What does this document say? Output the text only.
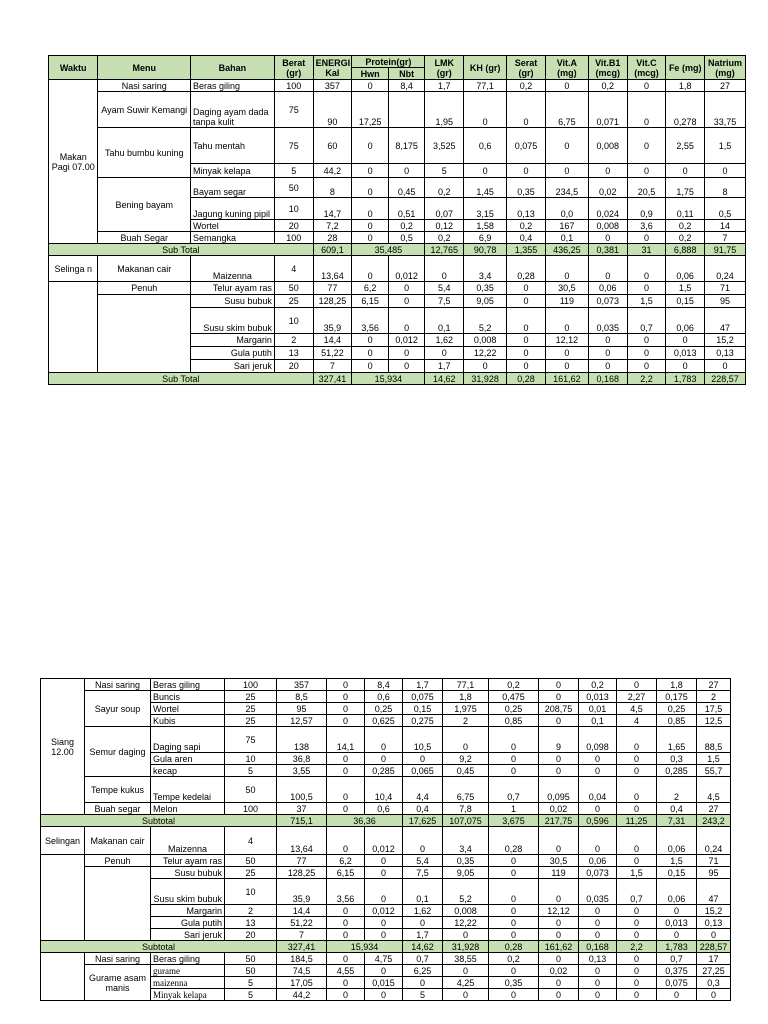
Waktu	Menu	Bahan	Berat (gr)	ENERGI Kal	Protein(gr)		LMK (gr)	KH (gr)	Serat (gr)	Vit.A (mg)	Vit.B1 (mcg)	Vit.C (mcg)	Fe (mg)	Natrium (mg)
					Hwn	Nbt								
Makan Pagi 07.00	Nasi saring	Beras giling	100	357	0	8,4	1,7	77,1	0,2	0	0,2	0	1,8	27
	Ayam Suwir Kemangi	Daging ayam dada tanpa kulit	75	90	17,25		1,95	0	0	6,75	0,071	0	0,278	33,75
	Tahu bumbu kuning	Tahu mentah	75	60	0	8,175	3,525	0,6	0,075	0	0,008	0	2,55	1,5
		Minyak kelapa	5	44,2	0	0	5	0	0	0	0	0	0	0
	Bening bayam	Bayam segar	50	8	0	0,45	0,2	1,45	0,35	234,5	0,02	20,5	1,75	8
		Jagung kuning pipil	10	14,7	0	0,51	0,07	3,15	0,13	0,0	0,024	0,9	0,11	0,5
		Wortel	20	7,2	0	0,2	0,12	1,58	0,2	167	0,008	3,6	0,2	14
	Buah Segar	Semangka	100	28	0	0,5	0,2	6,9	0,4	0,1	0	0	0,2	7
Sub Total				609,1	35,485		12,765	90,78	1,355	436,25	0,381	31	6,888	91,75
Selinga n	Makanan cair	Maizenna	4	13,64	0	0,012	0	3,4	0,28	0	0	0	0,06	0,24
	Penuh	Telur ayam ras	50	77	6,2	0	5,4	0,35	0	30,5	0,06	0	1,5	71
		Susu bubuk	25	128,25	6,15	0	7,5	9,05	0	119	0,073	1,5	0,15	95
		Susu skim bubuk	10	35,9	3,56	0	0,1	5,2	0	0	0,035	0,7	0,06	47
		Margarin	2	14,4	0	0,012	1,62	0,008	0	12,12	0	0	0	15,2
		Gula putih	13	51,22	0	0	0	12,22	0	0	0	0	0,013	0,13
		Sari jeruk	20	7	0	0	1,7	0	0	0	0	0	0	0
Sub Total				327,41	15,934		14,62	31,928	0,28	161,62	0,168	2,2	1,783	228,57
Siang 12.00	Nasi saring	Beras giling	100	357	0	8,4	1,7	77,1	0,2	0	0,2	0	1,8	27
	Sayur soup	Buncis	25	8,5	0	0,6	0,075	1,8	0,475	0	0,013	2,27	0,175	2
		Wortel	25	95	0	0,25	0,15	1,975	0,25	208,75	0,01	4,5	0,25	17,5
		Kubis	25	12,57	0	0,625	0,275	2	0,85	0	0,1	4	0,85	12,5
	Semur daging	Daging sapi	75	138	14,1	0	10,5	0	0	9	0,098	0	1,65	88,5
		Gula aren	10	36,8	0	0	0	9,2	0	0	0	0	0,3	1,5
		kecap	5	3,55	0	0,285	0,065	0,45	0	0	0	0	0,285	55,7
	Tempe kukus	Tempe kedelai	50	100,5	0	10,4	4,4	6,75	0,7	0,095	0,04	0	2	4,5
	Buah segar	Melon	100	37	0	0,6	0,4	7,8	1	0,02	0	0	0,4	27
Subtotal				715,1	36,36		17,625	107,075	3,675	217,75	0,596	11,25	7,31	243,2
Selingan	Makanan cair	Maizenna	4	13,64	0	0,012	0	3,4	0,28	0	0	0	0,06	0,24
	Penuh	Telur ayam ras	50	77	6,2	0	5,4	0,35	0	30,5	0,06	0	1,5	71
		Susu bubuk	25	128,25	6,15	0	7,5	9,05	0	119	0,073	1,5	0,15	95
		Susu skim bubuk	10	35,9	3,56	0	0,1	5,2	0	0	0,035	0,7	0,06	47
		Margarin	2	14,4	0	0,012	1,62	0,008	0	12,12	0	0	0	15,2
		Gula putih	13	51,22	0	0	0	12,22	0	0	0	0	0,013	0,13
		Sari jeruk	20	7	0	0	1,7	0	0	0	0	0	0	0
Subtotal				327,41	15,934		14,62	31,928	0,28	161,62	0,168	2,2	1,783	228,57
	Nasi saring	Beras giling	50	184,5	0	4,75	0,7	38,55	0,2	0	0,13	0	0,7	17
	Gurame asam manis	gurame	50	74,5	4,55	0	6,25	0	0	0,02	0	0	0,375	27,25
		maizenna	5	17,05	0	0,015	0	4,25	0,35	0	0	0	0,075	0,3
		Minyak kelapa	5	44,2	0	0	5	0	0	0	0	0	0	0
